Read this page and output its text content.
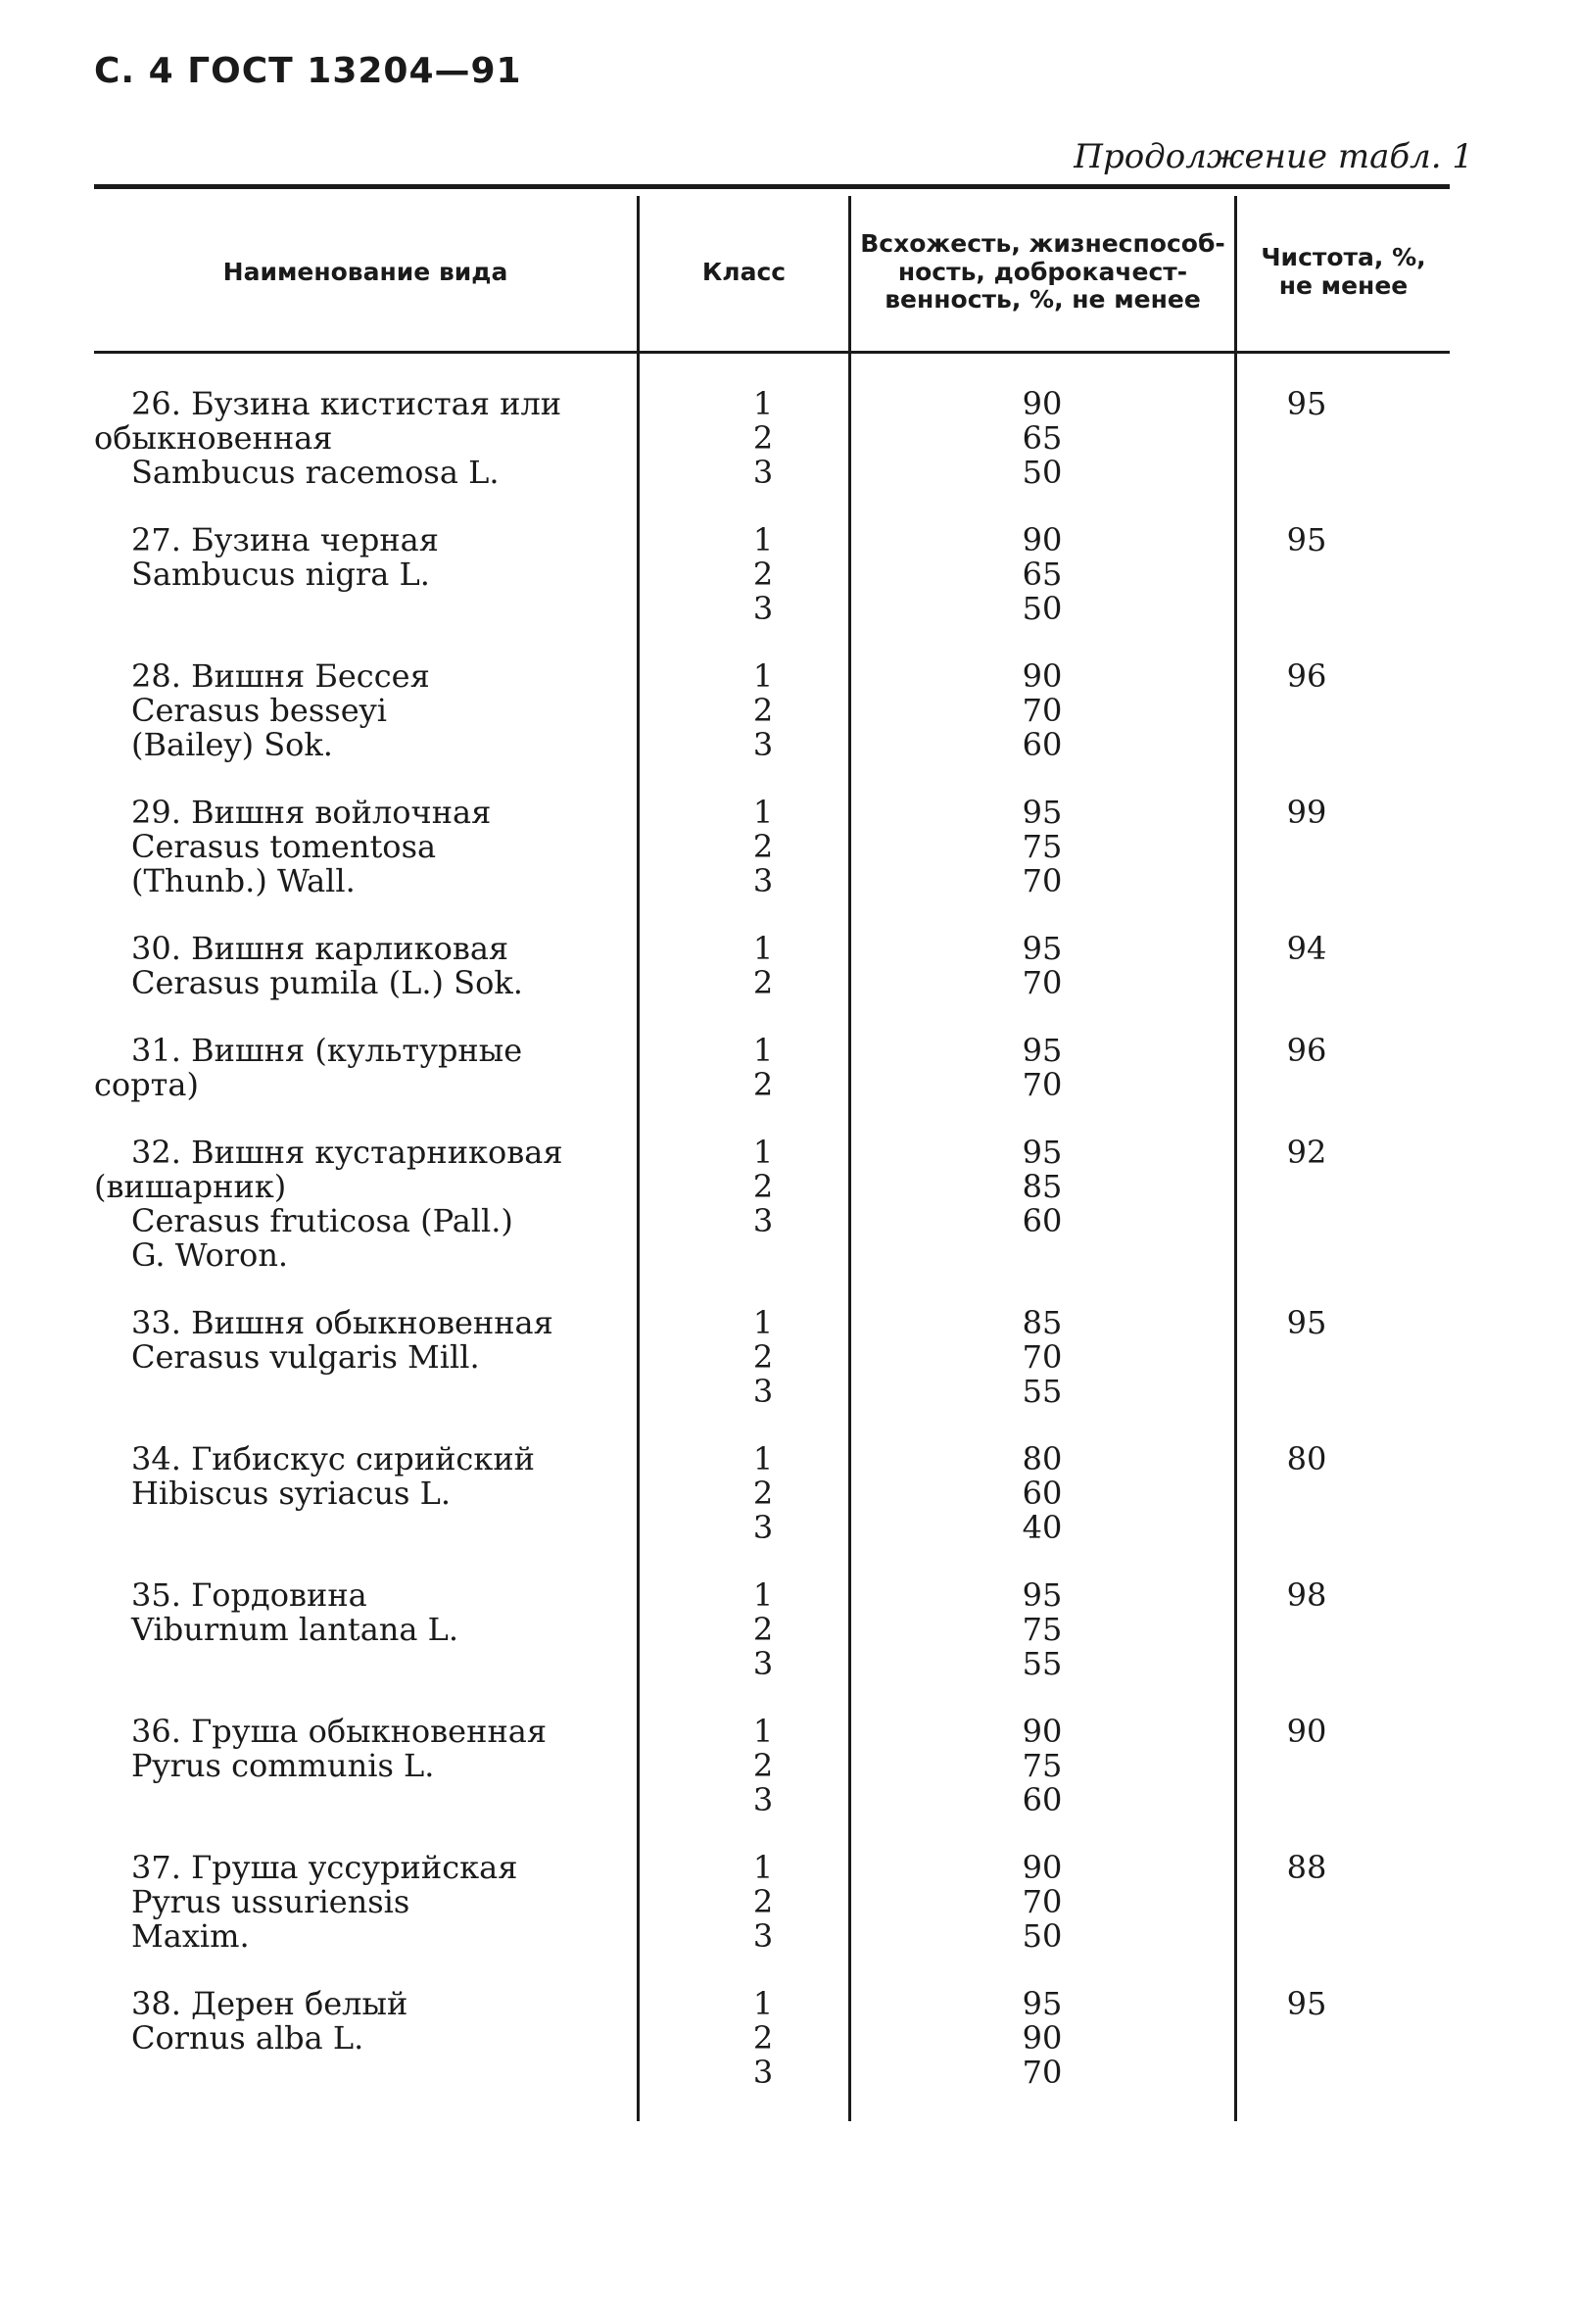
С. 4 ГОСТ 13204—91
Продолжение табл. 1
Наименование вида	Класс
Всхожесть, жизнеспособ-
ность, доброкачест-
венность, %, не менее
Чистота, %,
не менее
26. Бузина кистистая или
обыкновенная
Sambucus racemosa L.
1
2
3
90
65
50
95
27. Бузина черная
Sambucus nigra L.
1
2
3
90
65
50
95
28. Вишня Бессея
Cerasus besseyi
(Bailey) Sok.
1
2
3
90
70
60
96
29. Вишня войлочная
Cerasus tomentosa
(Thunb.) Wall.
1
2
3
95
75
70
99
30. Вишня карликовая
Cerasus pumila (L.) Sok.
1
2
95
70
94
31. Вишня (культурные
сорта)
1
2
95
70
96
32. Вишня кустарниковая
(вишарник)
Cerasus fruticosa (Pall.)
G. Woron.
1
2
3
95
85
60
92
33. Вишня обыкновенная
Cerasus vulgaris Mill.
1
2
3
85
70
55
95
34. Гибискус сирийский
Hibiscus syriacus L.
1
2
3
80
60
40
80
35. Гордовина
Viburnum lantana L.
1
2
3
95
75
55
98
36. Груша обыкновенная
Pyrus communis L.
1
2
3
90
75
60
90
37. Груша уссурийская
Pyrus ussuriensis
Maxim.
1
2
3
90
70
50
88
38. Дерен белый
Cornus alba L.
1
2
3
95
90
70
95
